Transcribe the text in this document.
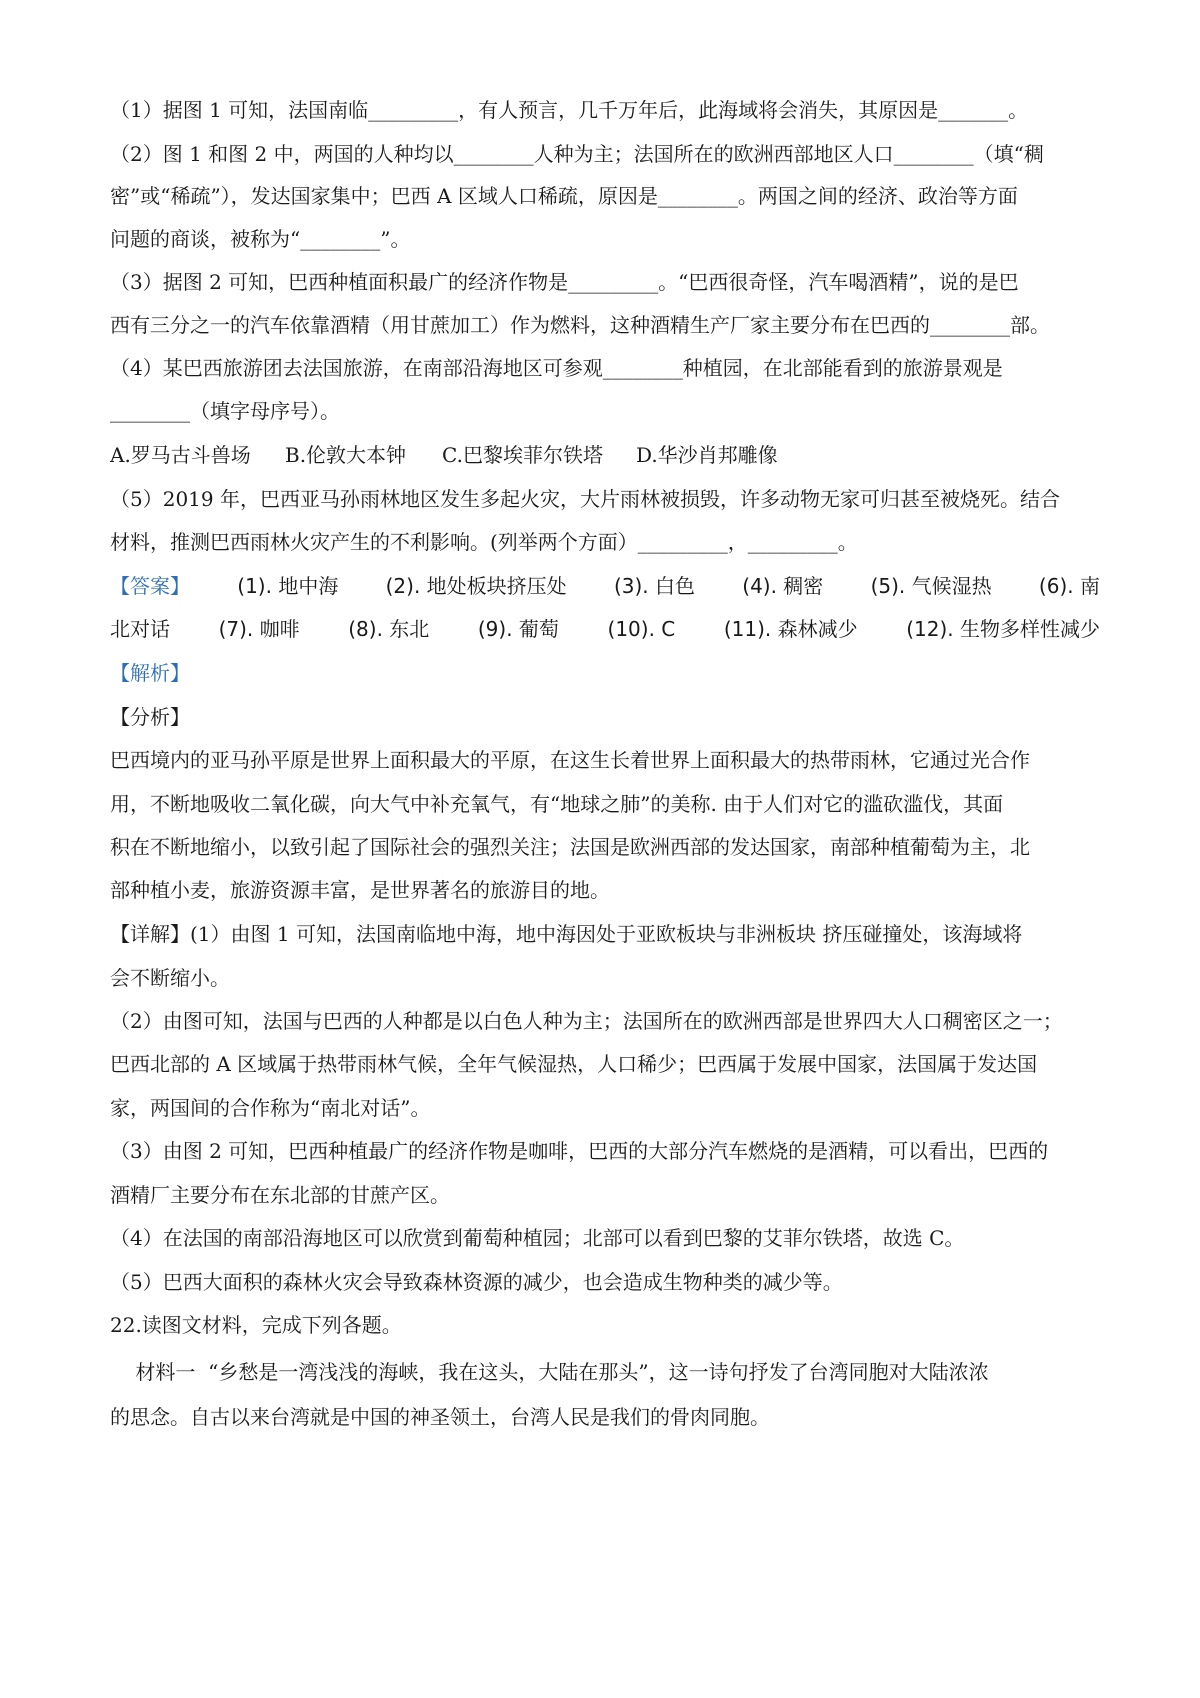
（1）据图 1 可知，法国南临_________，有人预言，几千万年后，此海域将会消失，其原因是_______。
（2）图 1 和图 2 中，两国的人种均以________人种为主；法国所在的欧洲西部地区人口________（填“稠
密”或“稀疏”），发达国家集中；巴西 A 区域人口稀疏，原因是________。两国之间的经济、政治等方面
问题的商谈，被称为“________”。
（3）据图 2 可知，巴西种植面积最广的经济作物是_________。“巴西很奇怪，汽车喝酒精”，说的是巴
西有三分之一的汽车依靠酒精（用甘蔗加工）作为燃料，这种酒精生产厂家主要分布在巴西的________部。
（4）某巴西旅游团去法国旅游，在南部沿海地区可参观________种植园，在北部能看到的旅游景观是
________（填字母序号）。
A.罗马古斗兽场 B.伦敦大本钟 C.巴黎埃菲尔铁塔 D.华沙肖邦雕像
（5）2019 年，巴西亚马孙雨林地区发生多起火灾，大片雨林被损毁，许多动物无家可归甚至被烧死。结合
材料，推测巴西雨林火灾产生的不利影响。(列举两个方面）_________，_________。
【答案】 (1). 地中海 (2). 地处板块挤压处 (3). 白色 (4). 稠密 (5). 气候湿热 (6). 南
北对话 (7). 咖啡 (8). 东北 (9). 葡萄 (10). C (11). 森林减少 (12). 生物多样性减少
【解析】
【分析】
巴西境内的亚马孙平原是世界上面积最大的平原，在这生长着世界上面积最大的热带雨林，它通过光合作
用，不断地吸收二氧化碳，向大气中补充氧气，有“地球之肺”的美称. 由于人们对它的滥砍滥伐，其面
积在不断地缩小，以致引起了国际社会的强烈关注；法国是欧洲西部的发达国家，南部种植葡萄为主，北
部种植小麦，旅游资源丰富，是世界著名的旅游目的地。
【详解】(1）由图 1 可知，法国南临地中海，地中海因处于亚欧板块与非洲板块 挤压碰撞处，该海域将
会不断缩小。
（2）由图可知，法国与巴西的人种都是以白色人种为主；法国所在的欧洲西部是世界四大人口稠密区之一；
巴西北部的 A 区域属于热带雨林气候，全年气候湿热，人口稀少；巴西属于发展中国家，法国属于发达国
家，两国间的合作称为“南北对话”。
（3）由图 2 可知，巴西种植最广的经济作物是咖啡，巴西的大部分汽车燃烧的是酒精，可以看出，巴西的
酒精厂主要分布在东北部的甘蔗产区。
（4）在法国的南部沿海地区可以欣赏到葡萄种植园；北部可以看到巴黎的艾菲尔铁塔，故选 C。
（5）巴西大面积的森林火灾会导致森林资源的减少，也会造成生物种类的减少等。
22.读图文材料，完成下列各题。
材料一  “乡愁是一湾浅浅的海峡，我在这头，大陆在那头”，这一诗句抒发了台湾同胞对大陆浓浓
的思念。自古以来台湾就是中国的神圣领土，台湾人民是我们的骨肉同胞。
